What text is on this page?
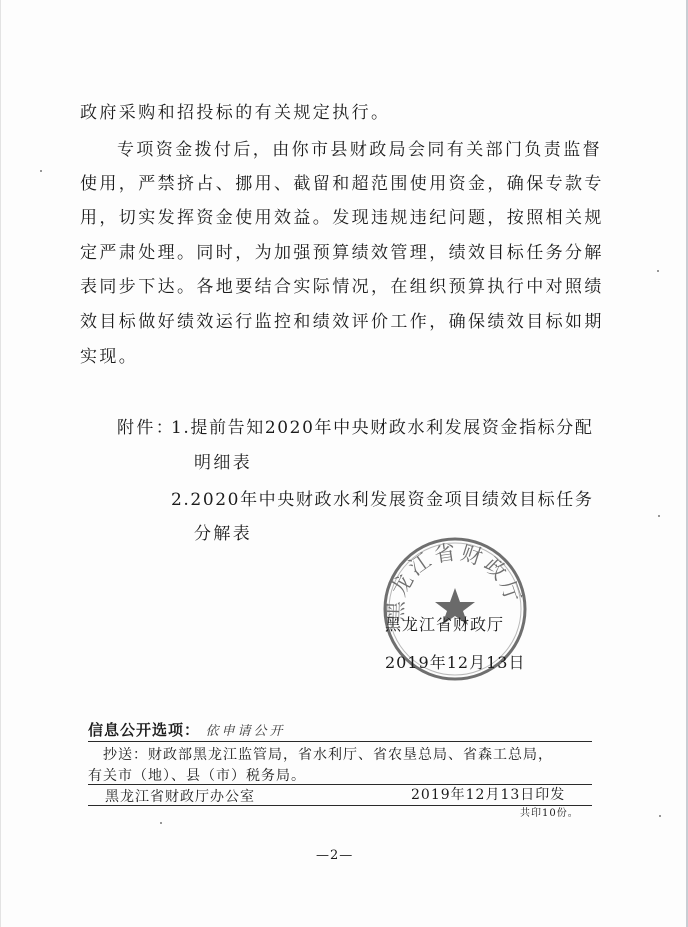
政府采购和招投标的有关规定执行。
专项资金拨付后，由你市县财政局会同有关部门负责监督
使用，严禁挤占、挪用、截留和超范围使用资金，确保专款专
用，切实发挥资金使用效益。发现违规违纪问题，按照相关规
定严肃处理。同时，为加强预算绩效管理，绩效目标任务分解
表同步下达。各地要结合实际情况，在组织预算执行中对照绩
效目标做好绩效运行监控和绩效评价工作，确保绩效目标如期
实现。
附件：
1.提前告知2020年中央财政水利发展资金指标分配
明细表
2.2020年中央财政水利发展资金项目绩效目标任务
分解表
黑龙江省财政厅
黑龙江省财政厅
2019年12月13日
信息公开选项： 依申请公开
抄送：财政部黑龙江监管局，省水利厅、省农垦总局、省森工总局，
有关市（地）、县（市）税务局。
黑龙江省财政厅办公室	2019年12月13日印发
共印10份。
—2—
